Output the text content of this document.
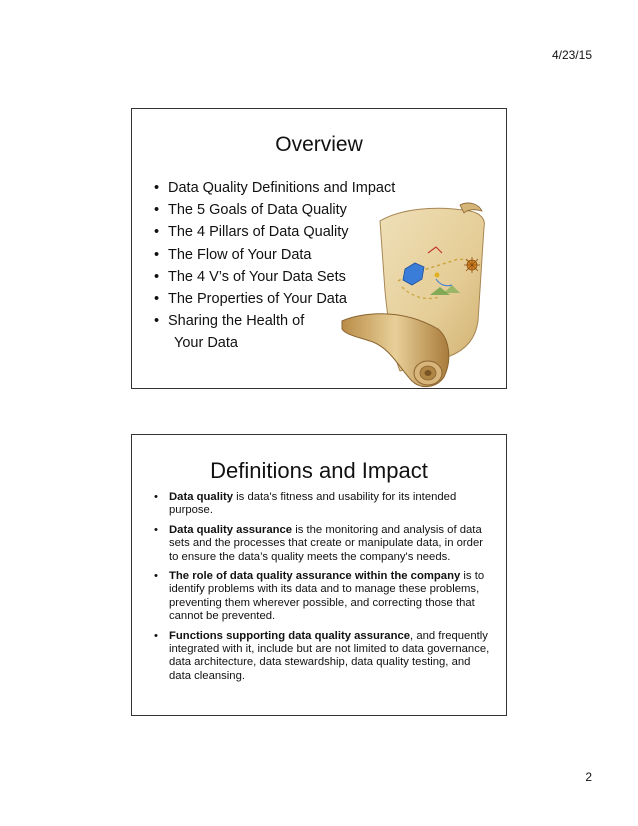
4/23/15
Overview
• Data Quality Definitions and Impact
• The 5 Goals of Data Quality
• The 4 Pillars of Data Quality
• The Flow of Your Data
• The 4 V’s of Your Data Sets
• The Properties of Your Data
• Sharing the Health of
Your Data
Definitions and Impact
• Data quality is data's fitness and usability for its intended purpose.
• Data quality assurance is the monitoring and analysis of data sets and the processes that create or manipulate data, in order to ensure the data’s quality meets the company's needs.
• The role of data quality assurance within the company is to identify problems with its data and to manage these problems, preventing them wherever possible, and correcting those that cannot be prevented.
• Functions supporting data quality assurance, and frequently integrated with it, include but are not limited to data governance, data architecture, data stewardship, data quality testing, and data cleansing.
2
